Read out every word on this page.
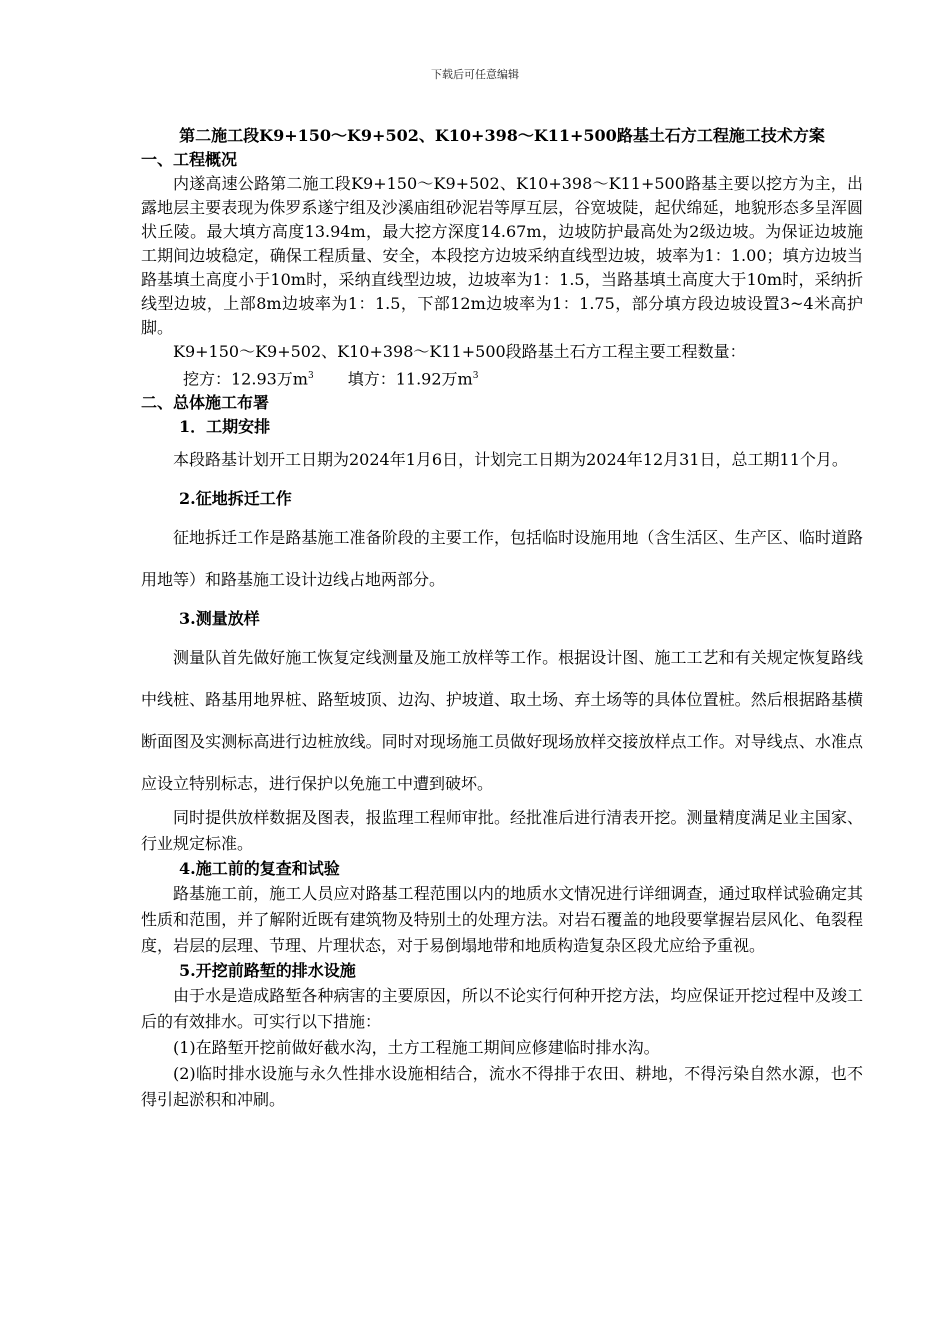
下载后可任意编辑

第二施工段K9+150～K9+502、K10+398～K11+500路基土石方工程施工技术方案

一、工程概况

内遂高速公路第二施工段K9+150～K9+502、K10+398～K11+500路基主要以挖方为主，出露地层主要表现为侏罗系遂宁组及沙溪庙组砂泥岩等厚互层，谷宽坡陡，起伏绵延，地貌形态多呈浑圆状丘陵。最大填方高度13.94m，最大挖方深度14.67m，边坡防护最高处为2级边坡。为保证边坡施工期间边坡稳定，确保工程质量、安全，本段挖方边坡采纳直线型边坡，坡率为1：1.00；填方边坡当路基填土高度小于10m时，采纳直线型边坡，边坡率为1：1.5，当路基填土高度大于10m时，采纳折线型边坡，上部8m边坡率为1：1.5，下部12m边坡率为1：1.75，部分填方段边坡设置3~4米高护脚。

K9+150～K9+502、K10+398～K11+500段路基土石方工程主要工程数量：

挖方：12.93万$m^3$ 填方：11.92万$m^3$

二、总体施工布署

1．工期安排

本段路基计划开工日期为2024年1月6日，计划完工日期为2024年12月31日，总工期11个月。

2.征地拆迁工作

征地拆迁工作是路基施工准备阶段的主要工作，包括临时设施用地（含生活区、生产区、临时道路用地等）和路基施工设计边线占地两部分。

3.测量放样

测量队首先做好施工恢复定线测量及施工放样等工作。根据设计图、施工工艺和有关规定恢复路线中线桩、路基用地界桩、路堑坡顶、边沟、护坡道、取土场、弃土场等的具体位置桩。然后根据路基横断面图及实测标高进行边桩放线。同时对现场施工员做好现场放样交接放样点工作。对导线点、水准点应设立特别标志，进行保护以免施工中遭到破坏。

同时提供放样数据及图表，报监理工程师审批。经批准后进行清表开挖。测量精度满足业主国家、行业规定标准。

4.施工前的复查和试验

路基施工前，施工人员应对路基工程范围以内的地质水文情况进行详细调查，通过取样试验确定其性质和范围，并了解附近既有建筑物及特别土的处理方法。对岩石覆盖的地段要掌握岩层风化、龟裂程度，岩层的层理、节理、片理状态，对于易倒塌地带和地质构造复杂区段尤应给予重视。

5.开挖前路堑的排水设施

由于水是造成路堑各种病害的主要原因，所以不论实行何种开挖方法，均应保证开挖过程中及竣工后的有效排水。可实行以下措施：

(1)在路堑开挖前做好截水沟，土方工程施工期间应修建临时排水沟。

(2)临时排水设施与永久性排水设施相结合，流水不得排于农田、耕地，不得污染自然水源，也不得引起淤积和冲刷。
